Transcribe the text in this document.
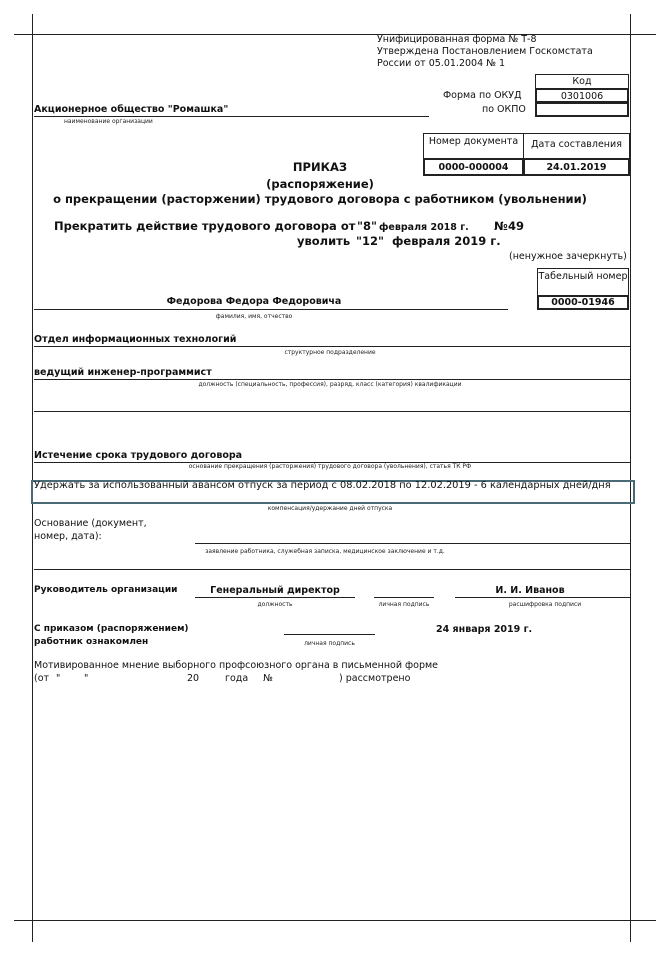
Унифицированная форма № Т-8
Утверждена Постановлением Госкомстата
России от 05.01.2004 № 1
Код
Форма по ОКУД	0301006
по ОКПО
Акционерное общество "Ромашка"
наименование организации
Номер документа	Дата составления
0000-000004	24.01.2019
ПРИКАЗ
(распоряжение)
о прекращении (расторжении) трудового договора с работником (увольнении)
Прекратить действие трудового договора от "8" февраля 2018 г. № 49
уволить "12" февраля 2019 г.
(ненужное зачеркнуть)
Табельный номер
0000-01946
Федорова Федора Федоровича
фамилия, имя, отчество
Отдел информационных технологий
структурное подразделение
ведущий инженер-программист
должность (специальность, профессия), разряд, класс (категория) квалификации
Истечение срока трудового договора
основание прекращения (расторжения) трудового договора (увольнения), статья ТК РФ
Удержать за использованный авансом отпуск за период с 08.02.2018 по 12.02.2019 - 6 календарных дней/дня
компенсация/удержание дней отпуска
Основание (документ,
номер, дата):
заявление работника, служебная записка, медицинское заключение и т.д.
Руководитель организации	Генеральный директор
должность	личная подпись
И. И. Иванов
расшифровка подписи
С приказом (распоряжением)
работник ознакомлен	личная подпись
24 января 2019 г.
Мотивированное мнение выборного профсоюзного органа в письменной форме
(от " "	20	года №	) рассмотрено
